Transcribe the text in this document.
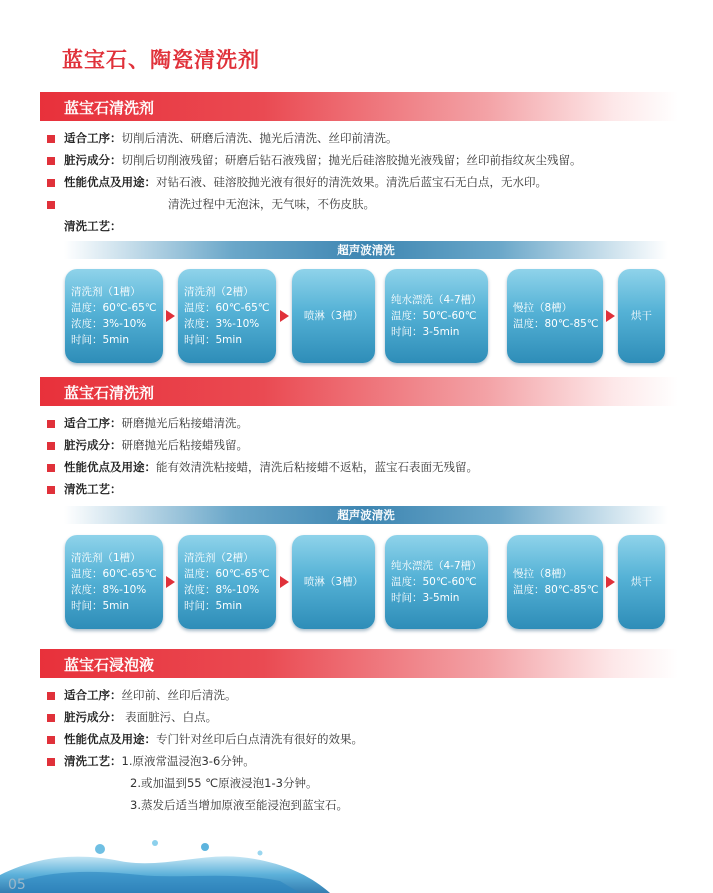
蓝宝石、陶瓷清洗剂
蓝宝石清洗剂
适合工序：切削后清洗、研磨后清洗、抛光后清洗、丝印前清洗。
脏污成分：切削后切削液残留；研磨后钻石液残留；抛光后硅溶胶抛光液残留；丝印前指纹灰尘残留。
性能优点及用途：对钻石液、硅溶胶抛光液有很好的清洗效果。清洗后蓝宝石无白点，无水印。
清洗过程中无泡沫，无气味，不伤皮肤。
清洗工艺：
超声波清洗
清洗剂（1槽）
温度：60℃-65℃
浓度：3%-10%
时间：5min
清洗剂（2槽）
温度：60℃-65℃
浓度：3%-10%
时间：5min
喷淋（3槽）
纯水漂洗（4-7槽）
温度：50℃-60℃
时间：3-5min
慢拉（8槽）
温度：80℃-85℃
烘干
蓝宝石清洗剂
适合工序：研磨抛光后粘接蜡清洗。
脏污成分：研磨抛光后粘接蜡残留。
性能优点及用途：能有效清洗粘接蜡，清洗后粘接蜡不返粘，蓝宝石表面无残留。
清洗工艺：
超声波清洗
清洗剂（1槽）
温度：60℃-65℃
浓度：8%-10%
时间：5min
清洗剂（2槽）
温度：60℃-65℃
浓度：8%-10%
时间：5min
喷淋（3槽）
纯水漂洗（4-7槽）
温度：50℃-60℃
时间：3-5min
慢拉（8槽）
温度：80℃-85℃
烘干
蓝宝石浸泡液
适合工序：丝印前、丝印后清洗。
脏污成分： 表面脏污、白点。
性能优点及用途：专门针对丝印后白点清洗有很好的效果。
清洗工艺：1.原液常温浸泡3-6分钟。
2.或加温到55 ℃原液浸泡1-3分钟。
3.蒸发后适当增加原液至能浸泡到蓝宝石。
05
